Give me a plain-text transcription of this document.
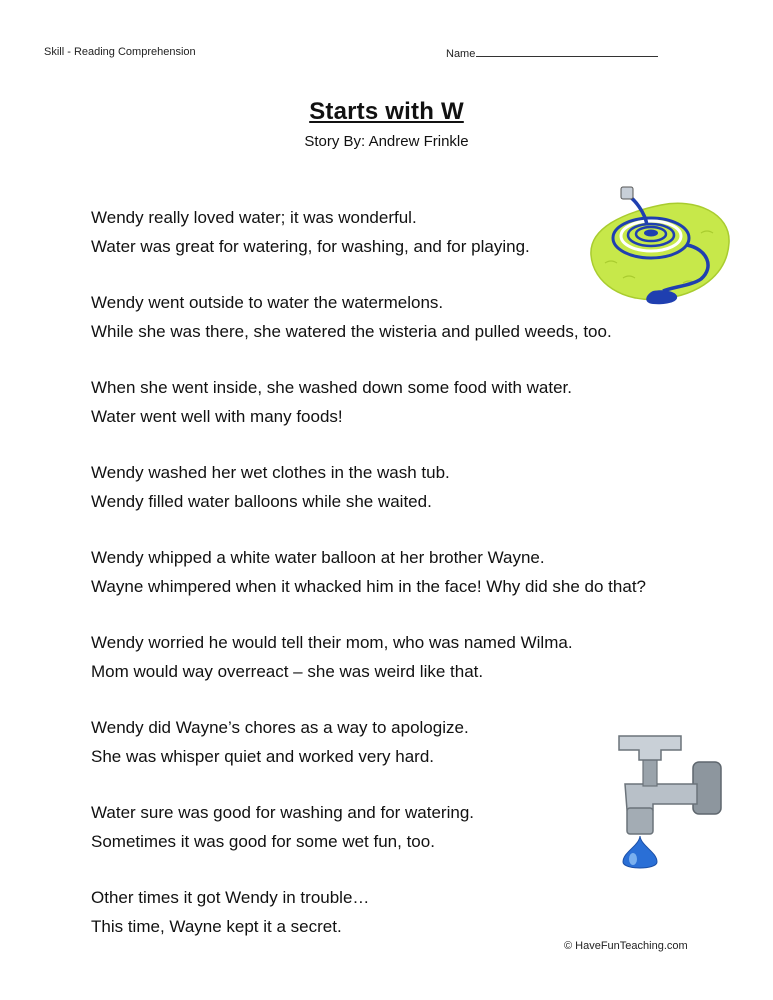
Skill - Reading Comprehension	Name
Starts with W
Story By: Andrew Frinkle
Wendy really loved water; it was wonderful.
Water was great for watering, for washing, and for playing.
Wendy went outside to water the watermelons.
While she was there, she watered the wisteria and pulled weeds, too.
When she went inside, she washed down some food with water.
Water went well with many foods!
Wendy washed her wet clothes in the wash tub.
Wendy filled water balloons while she waited.
Wendy whipped a white water balloon at her brother Wayne.
Wayne whimpered when it whacked him in the face! Why did she do that?
Wendy worried he would tell their mom, who was named Wilma.
Mom would way overreact – she was weird like that.
Wendy did Wayne’s chores as a way to apologize.
She was whisper quiet and worked very hard.
Water sure was good for washing and for watering.
Sometimes it was good for some wet fun, too.
Other times it got Wendy in trouble…
This time, Wayne kept it a secret.
© HaveFunTeaching.com
